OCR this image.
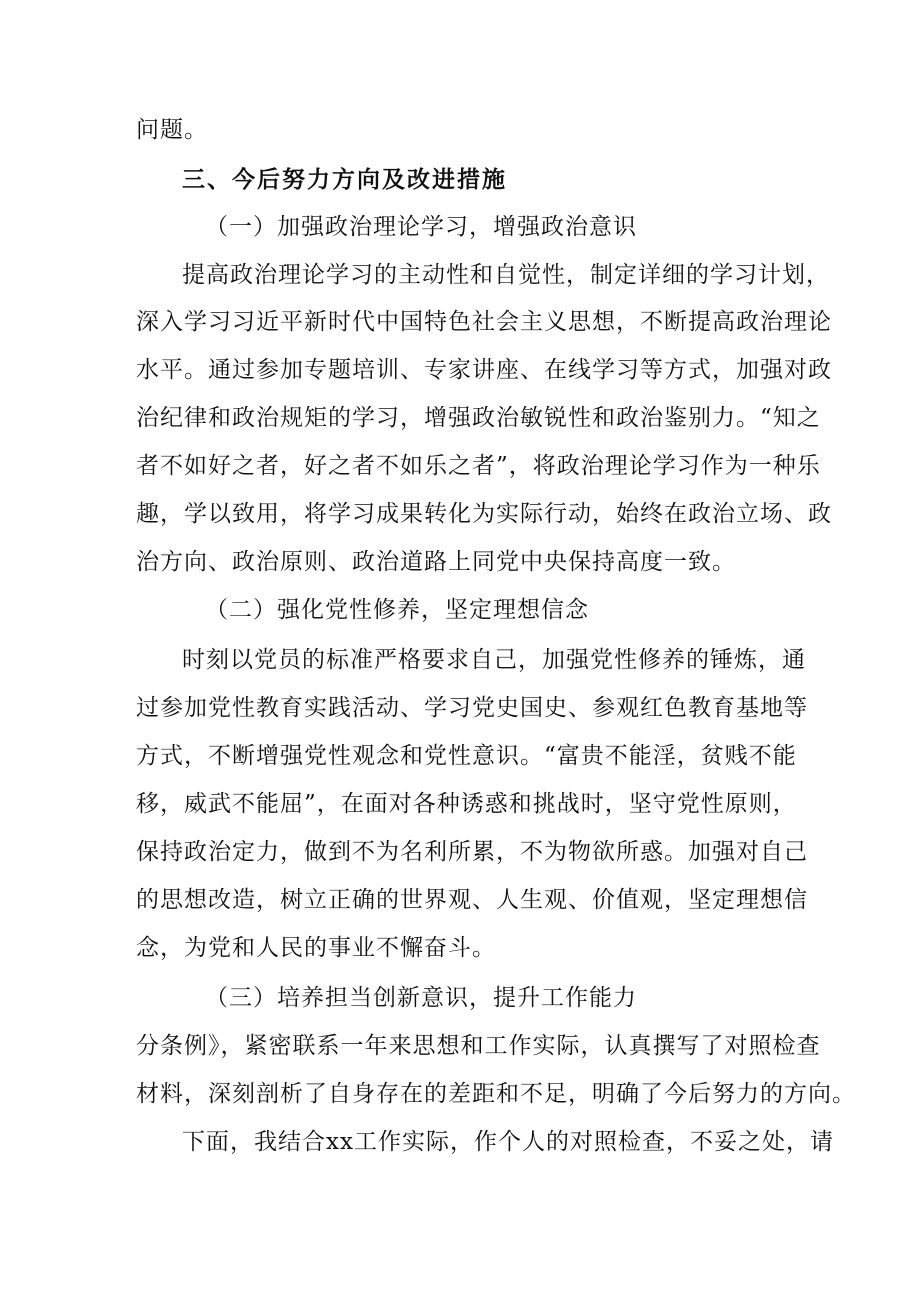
问题。
三、今后努力方向及改进措施
（一）加强政治理论学习，增强政治意识
提高政治理论学习的主动性和自觉性，制定详细的学习计划，
深入学习习近平新时代中国特色社会主义思想，不断提高政治理论
水平。通过参加专题培训、专家讲座、在线学习等方式，加强对政
治纪律和政治规矩的学习，增强政治敏锐性和政治鉴别力。“知之
者不如好之者，好之者不如乐之者”，将政治理论学习作为一种乐
趣，学以致用，将学习成果转化为实际行动，始终在政治立场、政
治方向、政治原则、政治道路上同党中央保持高度一致。
（二）强化党性修养，坚定理想信念
时刻以党员的标准严格要求自己，加强党性修养的锤炼，通
过参加党性教育实践活动、学习党史国史、参观红色教育基地等
方式，不断增强党性观念和党性意识。“富贵不能淫，贫贱不能
移，威武不能屈”，在面对各种诱惑和挑战时，坚守党性原则，
保持政治定力，做到不为名利所累，不为物欲所惑。加强对自己
的思想改造，树立正确的世界观、人生观、价值观，坚定理想信
念，为党和人民的事业不懈奋斗。
（三）培养担当创新意识，提升工作能力
分条例》，紧密联系一年来思想和工作实际，认真撰写了对照检查
材料，深刻剖析了自身存在的差距和不足，明确了今后努力的方向。
下面，我结合xx工作实际，作个人的对照检查，不妥之处，请
